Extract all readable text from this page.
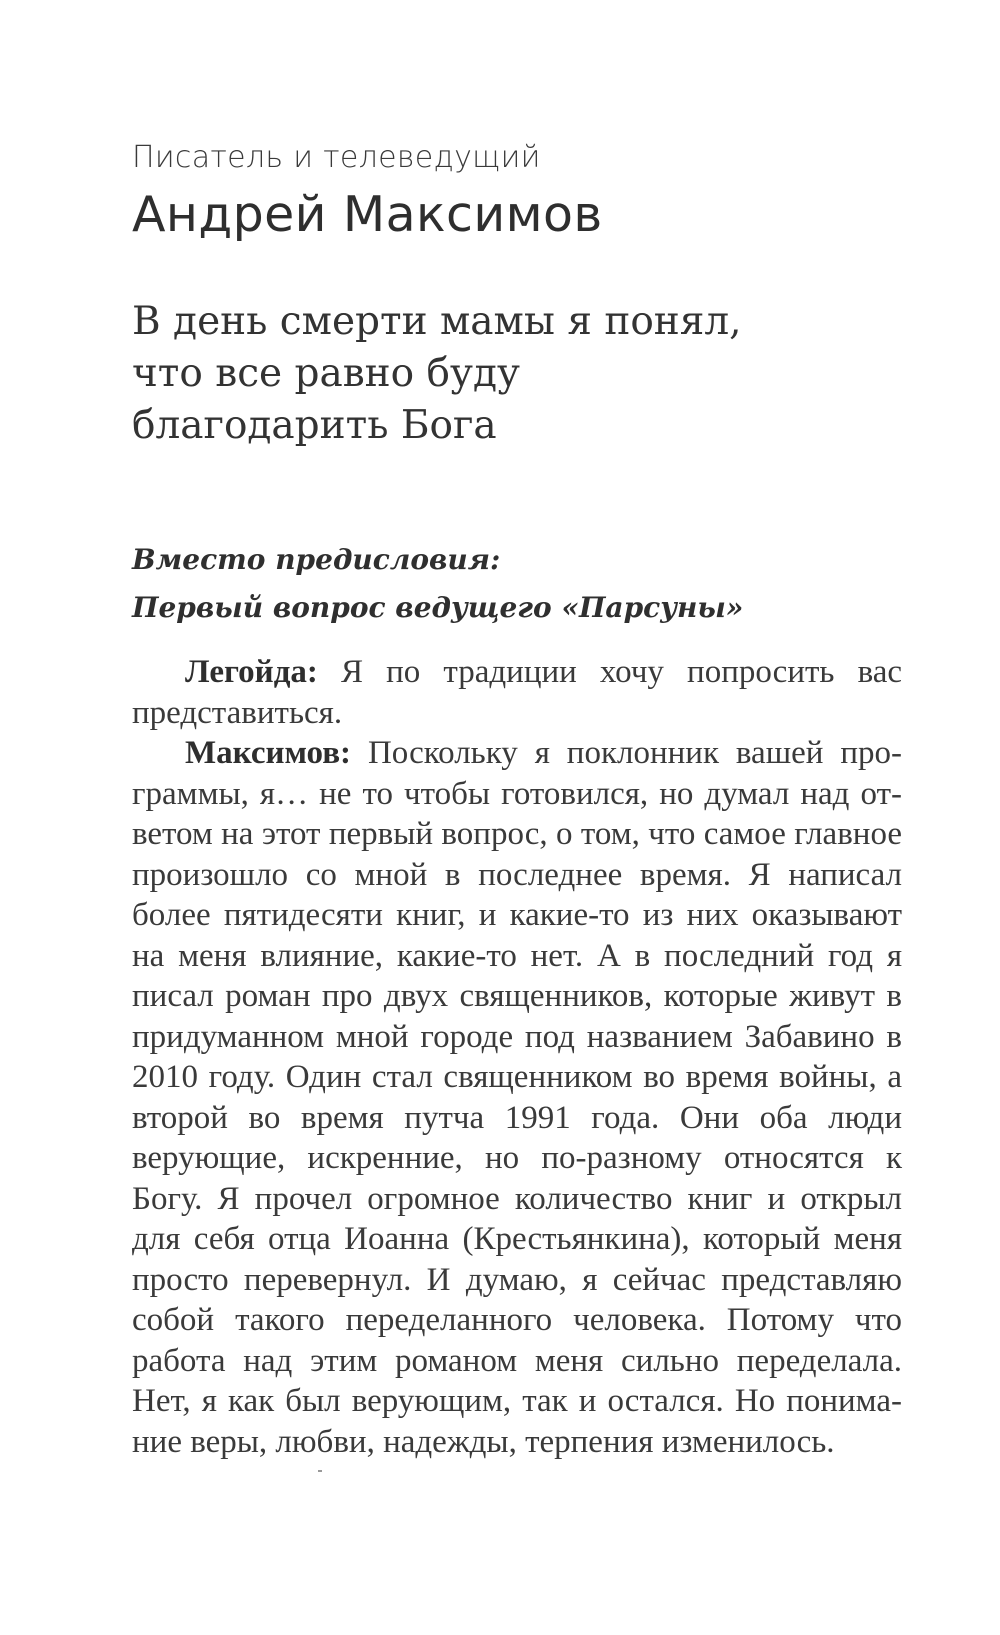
Писатель и телеведущий
Андрей Максимов
В день смерти мамы я понял,
что все равно буду
благодарить Бога
Вместо предисловия:
Первый вопрос ведущего «Парсуны»

Легойда: Я по традиции хочу попросить вас представиться.

Максимов: Поскольку я поклонник вашей программы, я… не то чтобы готовился, но думал над ответом на этот первый вопрос, о том, что самое главное произошло со мной в последнее время. Я написал более пятидесяти книг, и какие-то из них оказывают на меня влияние, какие-то нет. А в последний год я писал роман про двух священников, которые живут в придуманном мной городе под названием Забавино в 2010 году. Один стал священником во время войны, а второй во время путча 1991 года. Они оба люди верующие, искренние, но по-разному относятся к Богу. Я прочел огромное количество книг и открыл для себя отца Иоанна (Крестьянкина), который меня просто перевернул. И думаю, я сейчас представляю собой такого переделанного человека. Потому что работа над этим романом меня сильно переделала. Нет, я как был верующим, так и остался. Но понимание веры, любви, надежды, терпения изменилось.
